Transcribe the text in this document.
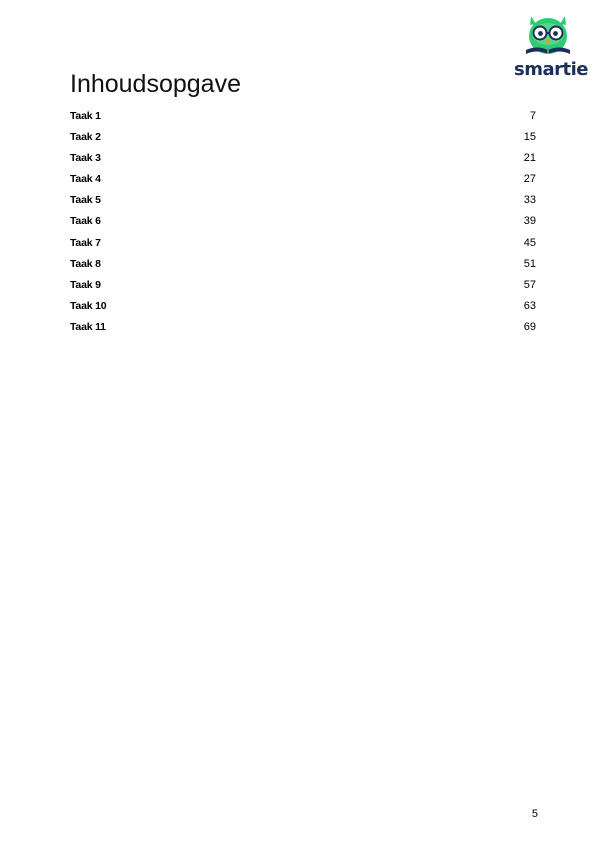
smartie
Inhoudsopgave
Taak 1	7
Taak 2	15
Taak 3	21
Taak 4	27
Taak 5	33
Taak 6	39
Taak 7	45
Taak 8	51
Taak 9	57
Taak 10	63
Taak 11	69
5
